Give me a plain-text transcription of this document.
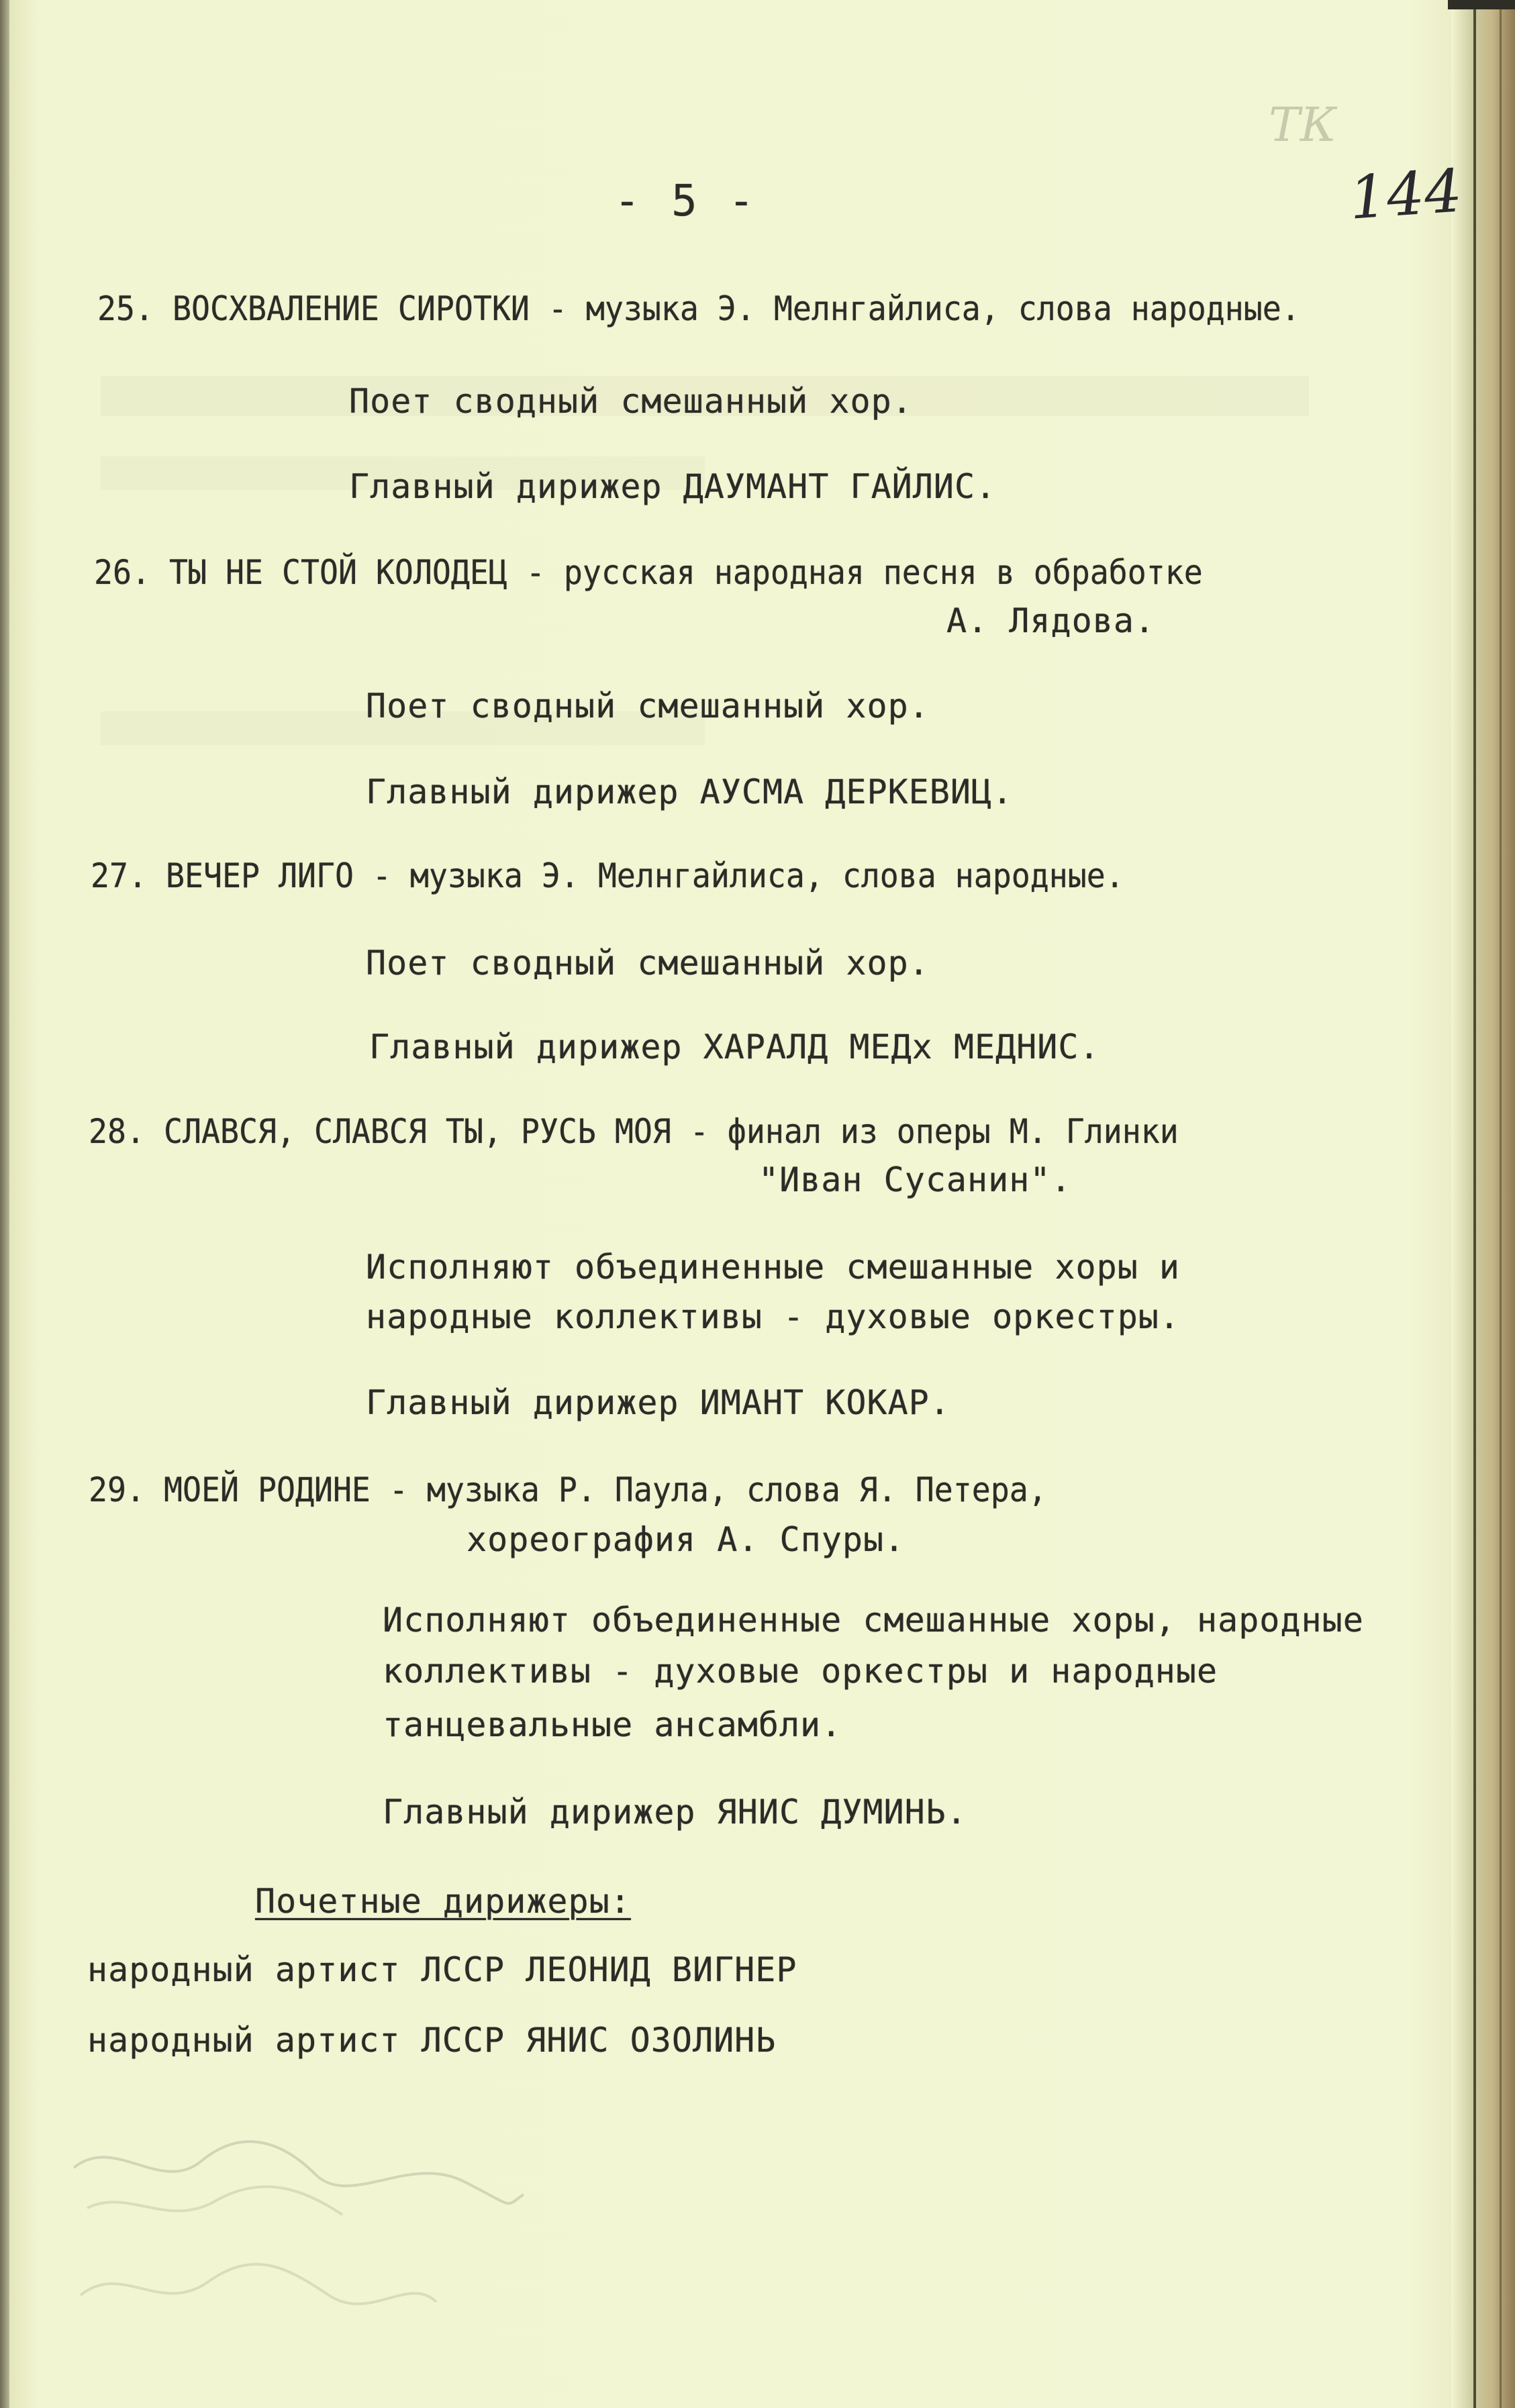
ТК
144
- 5 -
25. ВОСХВАЛЕНИЕ СИРОТКИ - музыка Э. Мелнгайлиса, слова народные.
Поет сводный смешанный хор.
Главный дирижер ДАУМАНТ ГАЙЛИС.
26. ТЫ НЕ СТОЙ КОЛОДЕЦ - русская народная песня в обработке
А. Лядова.
Поет сводный смешанный хор.
Главный дирижер АУСМА ДЕРКЕВИЦ.
27. ВЕЧЕР ЛИГО - музыка Э. Мелнгайлиса, слова народные.
Поет сводный смешанный хор.
Главный дирижер ХАРАЛД МЕДх МЕДНИС.
28. СЛАВСЯ, СЛАВСЯ ТЫ, РУСЬ МОЯ - финал из оперы М. Глинки
"Иван Сусанин".
Исполняют объединенные смешанные хоры и
народные коллективы - духовые оркестры.
Главный дирижер ИМАНТ КОКАР.
29. МОЕЙ РОДИНЕ - музыка Р. Паула, слова Я. Петера,
хореография А. Спуры.
Исполняют объединенные смешанные хоры, народные
коллективы - духовые оркестры и народные
танцевальные ансамбли.
Главный дирижер ЯНИС ДУМИНЬ.
Почетные дирижеры:
народный артист ЛССР ЛЕОНИД ВИГНЕР
народный артист ЛССР ЯНИС ОЗОЛИНЬ
